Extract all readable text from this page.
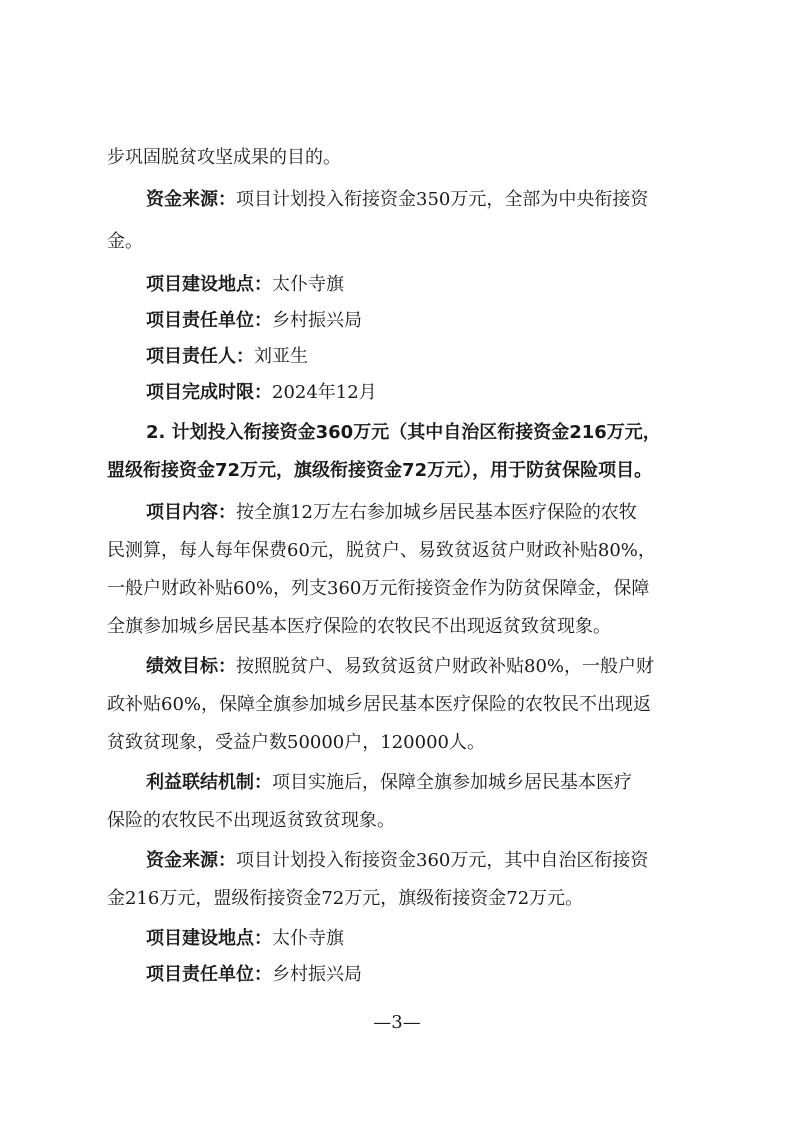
步巩固脱贫攻坚成果的目的。
资金来源：项目计划投入衔接资金350万元，全部为中央衔接资
金。
项目建设地点：太仆寺旗
项目责任单位：乡村振兴局
项目责任人：刘亚生
项目完成时限：2024年12月
2. 计划投入衔接资金360万元（其中自治区衔接资金216万元，
盟级衔接资金72万元，旗级衔接资金72万元），用于防贫保险项目。
项目内容：按全旗12万左右参加城乡居民基本医疗保险的农牧
民测算，每人每年保费60元，脱贫户、易致贫返贫户财政补贴80%，
一般户财政补贴60%，列支360万元衔接资金作为防贫保障金，保障
全旗参加城乡居民基本医疗保险的农牧民不出现返贫致贫现象。
绩效目标：按照脱贫户、易致贫返贫户财政补贴80%，一般户财
政补贴60%，保障全旗参加城乡居民基本医疗保险的农牧民不出现返
贫致贫现象，受益户数50000户，120000人。
利益联结机制：项目实施后，保障全旗参加城乡居民基本医疗
保险的农牧民不出现返贫致贫现象。
资金来源：项目计划投入衔接资金360万元，其中自治区衔接资
金216万元，盟级衔接资金72万元，旗级衔接资金72万元。
项目建设地点：太仆寺旗
项目责任单位：乡村振兴局
—3—
